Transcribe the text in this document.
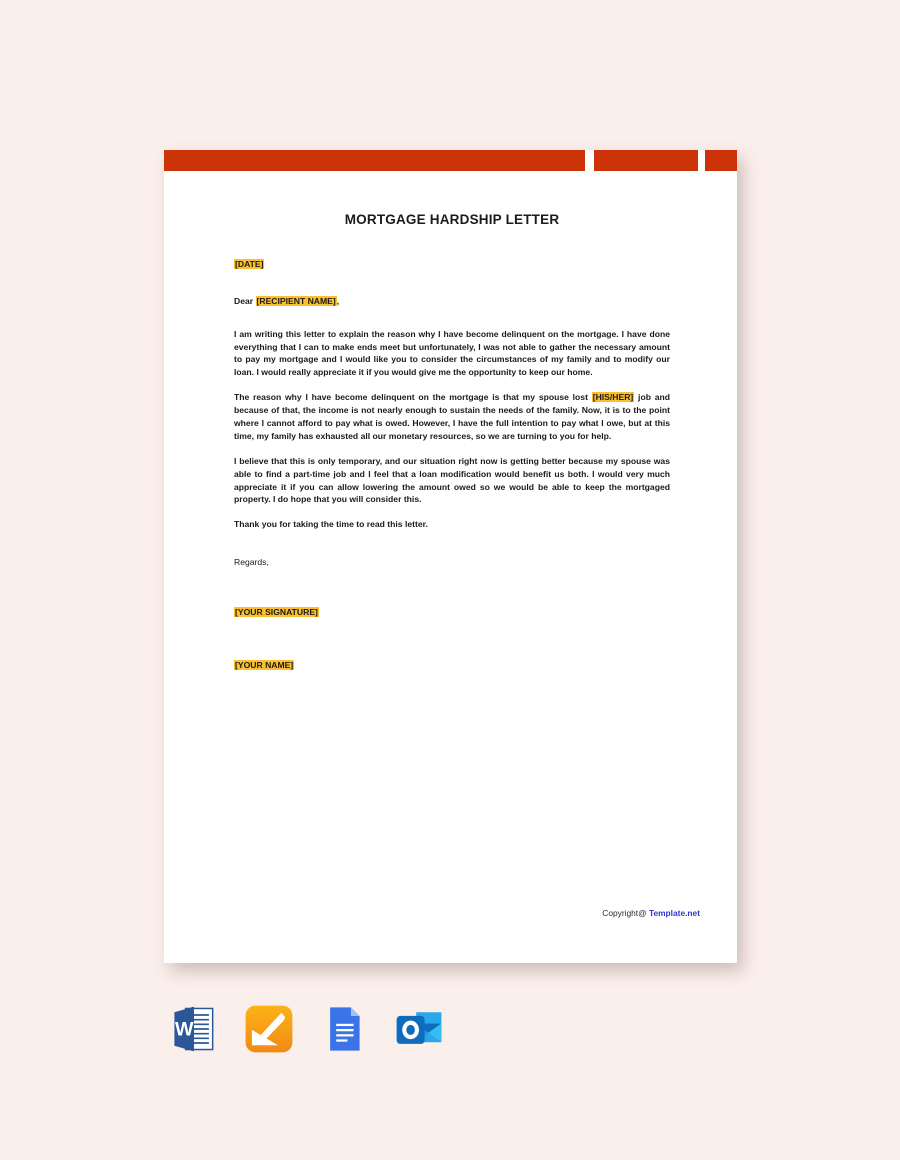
MORTGAGE HARDSHIP LETTER

[DATE]

Dear [RECIPIENT NAME],

I am writing this letter to explain the reason why I have become delinquent on the mortgage. I have done everything that I can to make ends meet but unfortunately, I was not able to gather the necessary amount to pay my mortgage and I would like you to consider the circumstances of my family and to modify our loan. I would really appreciate it if you would give me the opportunity to keep our home.

The reason why I have become delinquent on the mortgage is that my spouse lost [HIS/HER] job and because of that, the income is not nearly enough to sustain the needs of the family. Now, it is to the point where I cannot afford to pay what is owed. However, I have the full intention to pay what I owe, but at this time, my family has exhausted all our monetary resources, so we are turning to you for help.

I believe that this is only temporary, and our situation right now is getting better because my spouse was able to find a part-time job and I feel that a loan modification would benefit us both. I would very much appreciate it if you can allow lowering the amount owed so we would be able to keep the mortgaged property. I do hope that you will consider this.

Thank you for taking the time to read this letter.

Regards,

[YOUR SIGNATURE]

[YOUR NAME]

Copyright@ Template.net
W
